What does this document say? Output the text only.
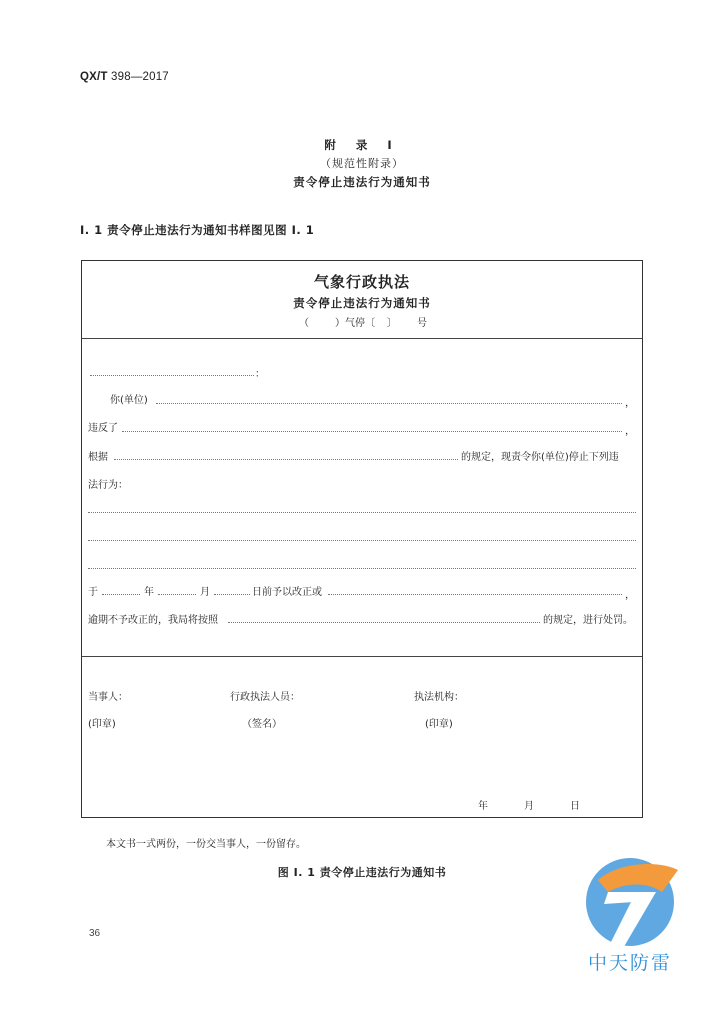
QX/T 398—2017
附 录 I
（规范性附录）
责令停止违法行为通知书
I. 1 责令停止违法行为通知书样图见图 I. 1
气象行政执法
责令停止违法行为通知书
（	）气停〔 〕 号
：
你(单位)	，
违反了	，
根据	的规定，现责令你(单位)停止下列违
法行为：
于	年	月	日前予以改正或	，
逾期不予改正的，我局将按照	的规定，进行处罚。
当事人：	行政执法人员：	执法机构：
(印章)	（签名）	(印章)
年	月	日
本文书一式两份，一份交当事人，一份留存。
图 I. 1 责令停止违法行为通知书
36
中天防雷
